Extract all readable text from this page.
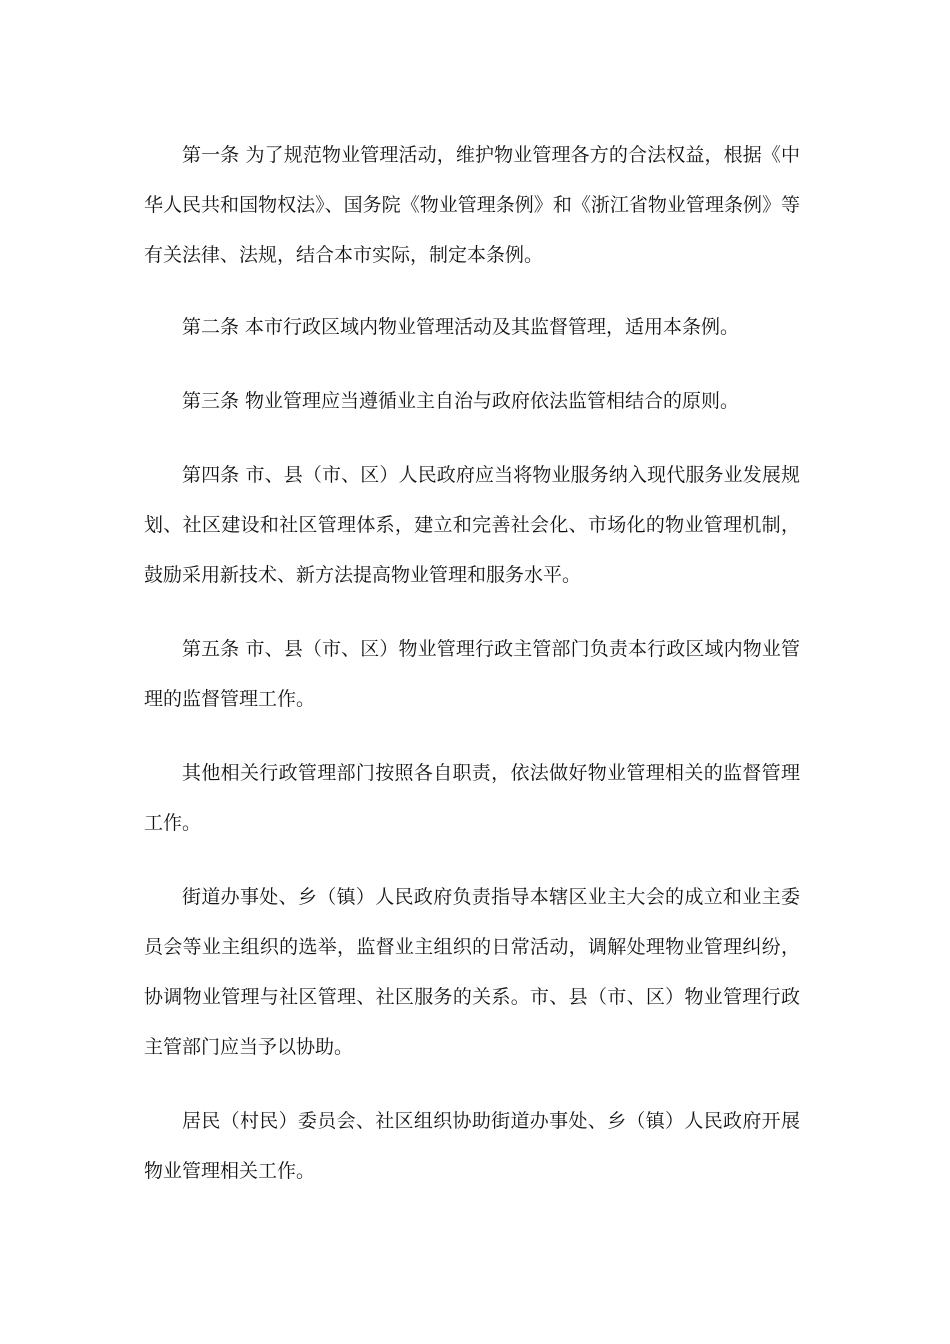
第一条 为了规范物业管理活动，维护物业管理各方的合法权益，根据《中华人民共和国物权法》、国务院《物业管理条例》和《浙江省物业管理条例》等有关法律、法规，结合本市实际，制定本条例。

第二条 本市行政区域内物业管理活动及其监督管理，适用本条例。

第三条 物业管理应当遵循业主自治与政府依法监管相结合的原则。

第四条 市、县（市、区）人民政府应当将物业服务纳入现代服务业发展规划、社区建设和社区管理体系，建立和完善社会化、市场化的物业管理机制，鼓励采用新技术、新方法提高物业管理和服务水平。

第五条 市、县（市、区）物业管理行政主管部门负责本行政区域内物业管理的监督管理工作。

其他相关行政管理部门按照各自职责，依法做好物业管理相关的监督管理工作。

街道办事处、乡（镇）人民政府负责指导本辖区业主大会的成立和业主委员会等业主组织的选举，监督业主组织的日常活动，调解处理物业管理纠纷，协调物业管理与社区管理、社区服务的关系。市、县（市、区）物业管理行政主管部门应当予以协助。

居民（村民）委员会、社区组织协助街道办事处、乡（镇）人民政府开展物业管理相关工作。
